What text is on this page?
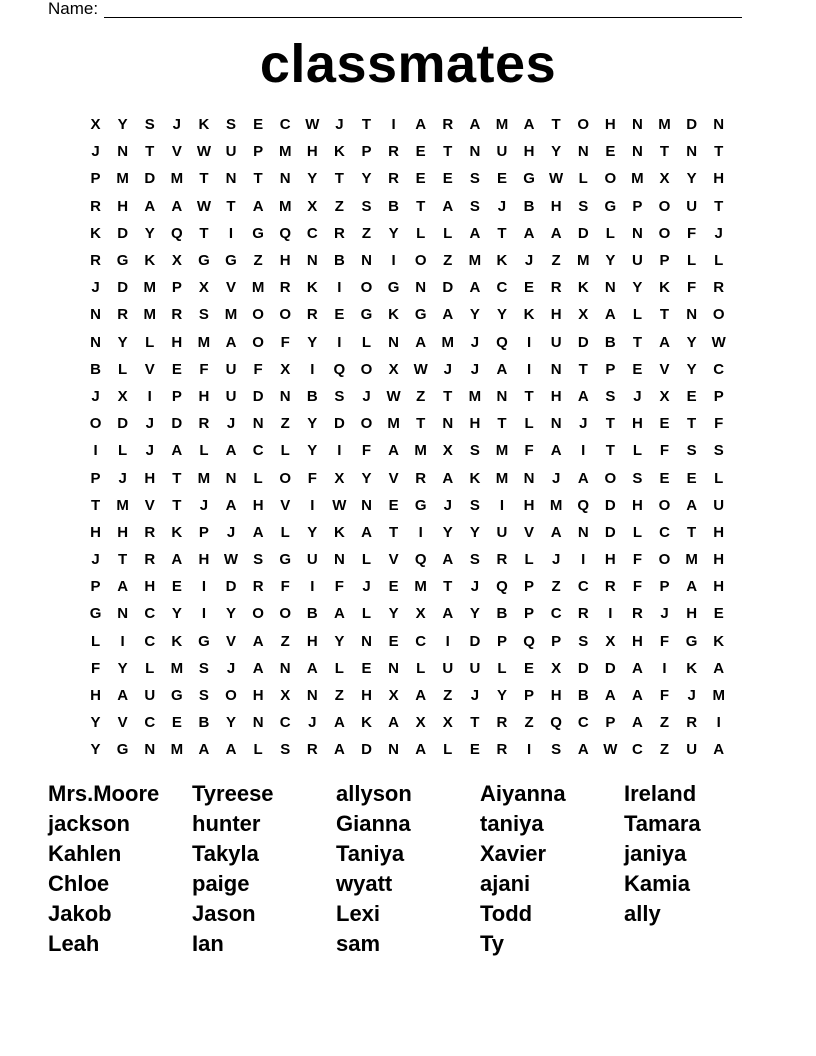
Name:
classmates
X	Y	S	J	K	S	E	C W	J	T	I	A	R	A	M	A	T	O	H	N	M	D	N
J	N	T	V	W U	P	M	H	K	P	R	E	T	N	U	H	Y	N	E	N	T	N	T
P	M	D	M	T	N	T	N	Y	T	Y	R	E	E	S	E	G W	L	O	M	X	Y	H
R	H	A	A W	T	A	M	X	Z	S	B	T	A	S	J	B	H	S	G	P	O	U	T
K	D	Y	Q	T	I	G	Q	C	R	Z	Y	L	L	A	T	A	A	D	L	N	O	F	J
R	G	K	X	G	G	Z	H	N	B	N	I	O	Z	M	K	J	Z	M	Y	U	P	L	L
J	D	M	P	X	V	M	R	K	I	O	G	N	D	A	C	E	R	K	N	Y	K	F	R
N	R	M	R	S	M	O	O	R	E	G	K	G	A	Y	Y	K	H	X	A	L	T	N	O
N	Y	L	H	M	A	O	F	Y	I	L	N	A	M	J	Q	I	U	D	B	T	A	Y	W
B	L	V	E	F	U	F	X	I	Q	O	X	W	J	J	A	I	N	T	P	E	V	Y	C
J	X	I	P	H	U	D	N	B	S	J	W	Z	T	M	N	T	H	A	S	J	X	E	P
O	D	J	D	R	J	N	Z	Y	D	O	M	T	N	H	T	L	N	J	T	H	E	T	F
I	L	J	A	L	A	C	L	Y	I	F	A	M	X	S	M	F	A	I	T	L	F	S	S
P	J	H	T	M	N	L	O	F	X	Y	V	R	A	K	M	N	J	A	O	S	E	E	L
T	M	V	T	J	A	H	V	I	W N	E	G	J	S	I	H	M	Q	D	H	O	A	U
H	H	R	K	P	J	A	L	Y	K	A	T	I	Y	Y	U	V	A	N	D	L	C	T	H
J	T	R	A	H W	S	G	U	N	L	V	Q	A	S	R	L	J	I	H	F	O	M	H
P	A	H	E	I	D	R	F	I	F	J	E	M	T	J	Q	P	Z	C	R	F	P	A	H
G	N	C	Y	I	Y	O	O	B	A	L	Y	X	A	Y	B	P	C	R	I	R	J	H	E
L	I	C	K	G	V	A	Z	H	Y	N	E	C	I	D	P	Q	P	S	X	H	F	G	K
F	Y	L	M	S	J	A	N	A	L	E	N	L	U	U	L	E	X	D	D	A	I	K	A
H	A	U	G	S	O	H	X	N	Z	H	X	A	Z	J	Y	P	H	B	A	A	F	J	M
Y	V	C	E	B	Y	N	C	J	A	K	A	X	X	T	R	Z	Q	C	P	A	Z	R	I
Y	G	N	M	A	A	L	S	R	A	D	N	A	L	E	R	I	S	A W C	Z	U	A
Mrs.Moore	Tyreese	allyson	Aiyanna	Ireland
jackson	hunter	Gianna	taniya	Tamara
Kahlen	Takyla	Taniya	Xavier	janiya
Chloe	paige	wyatt	ajani	Kamia
Jakob	Jason	Lexi	Todd	ally
Leah	Ian	sam	Ty
